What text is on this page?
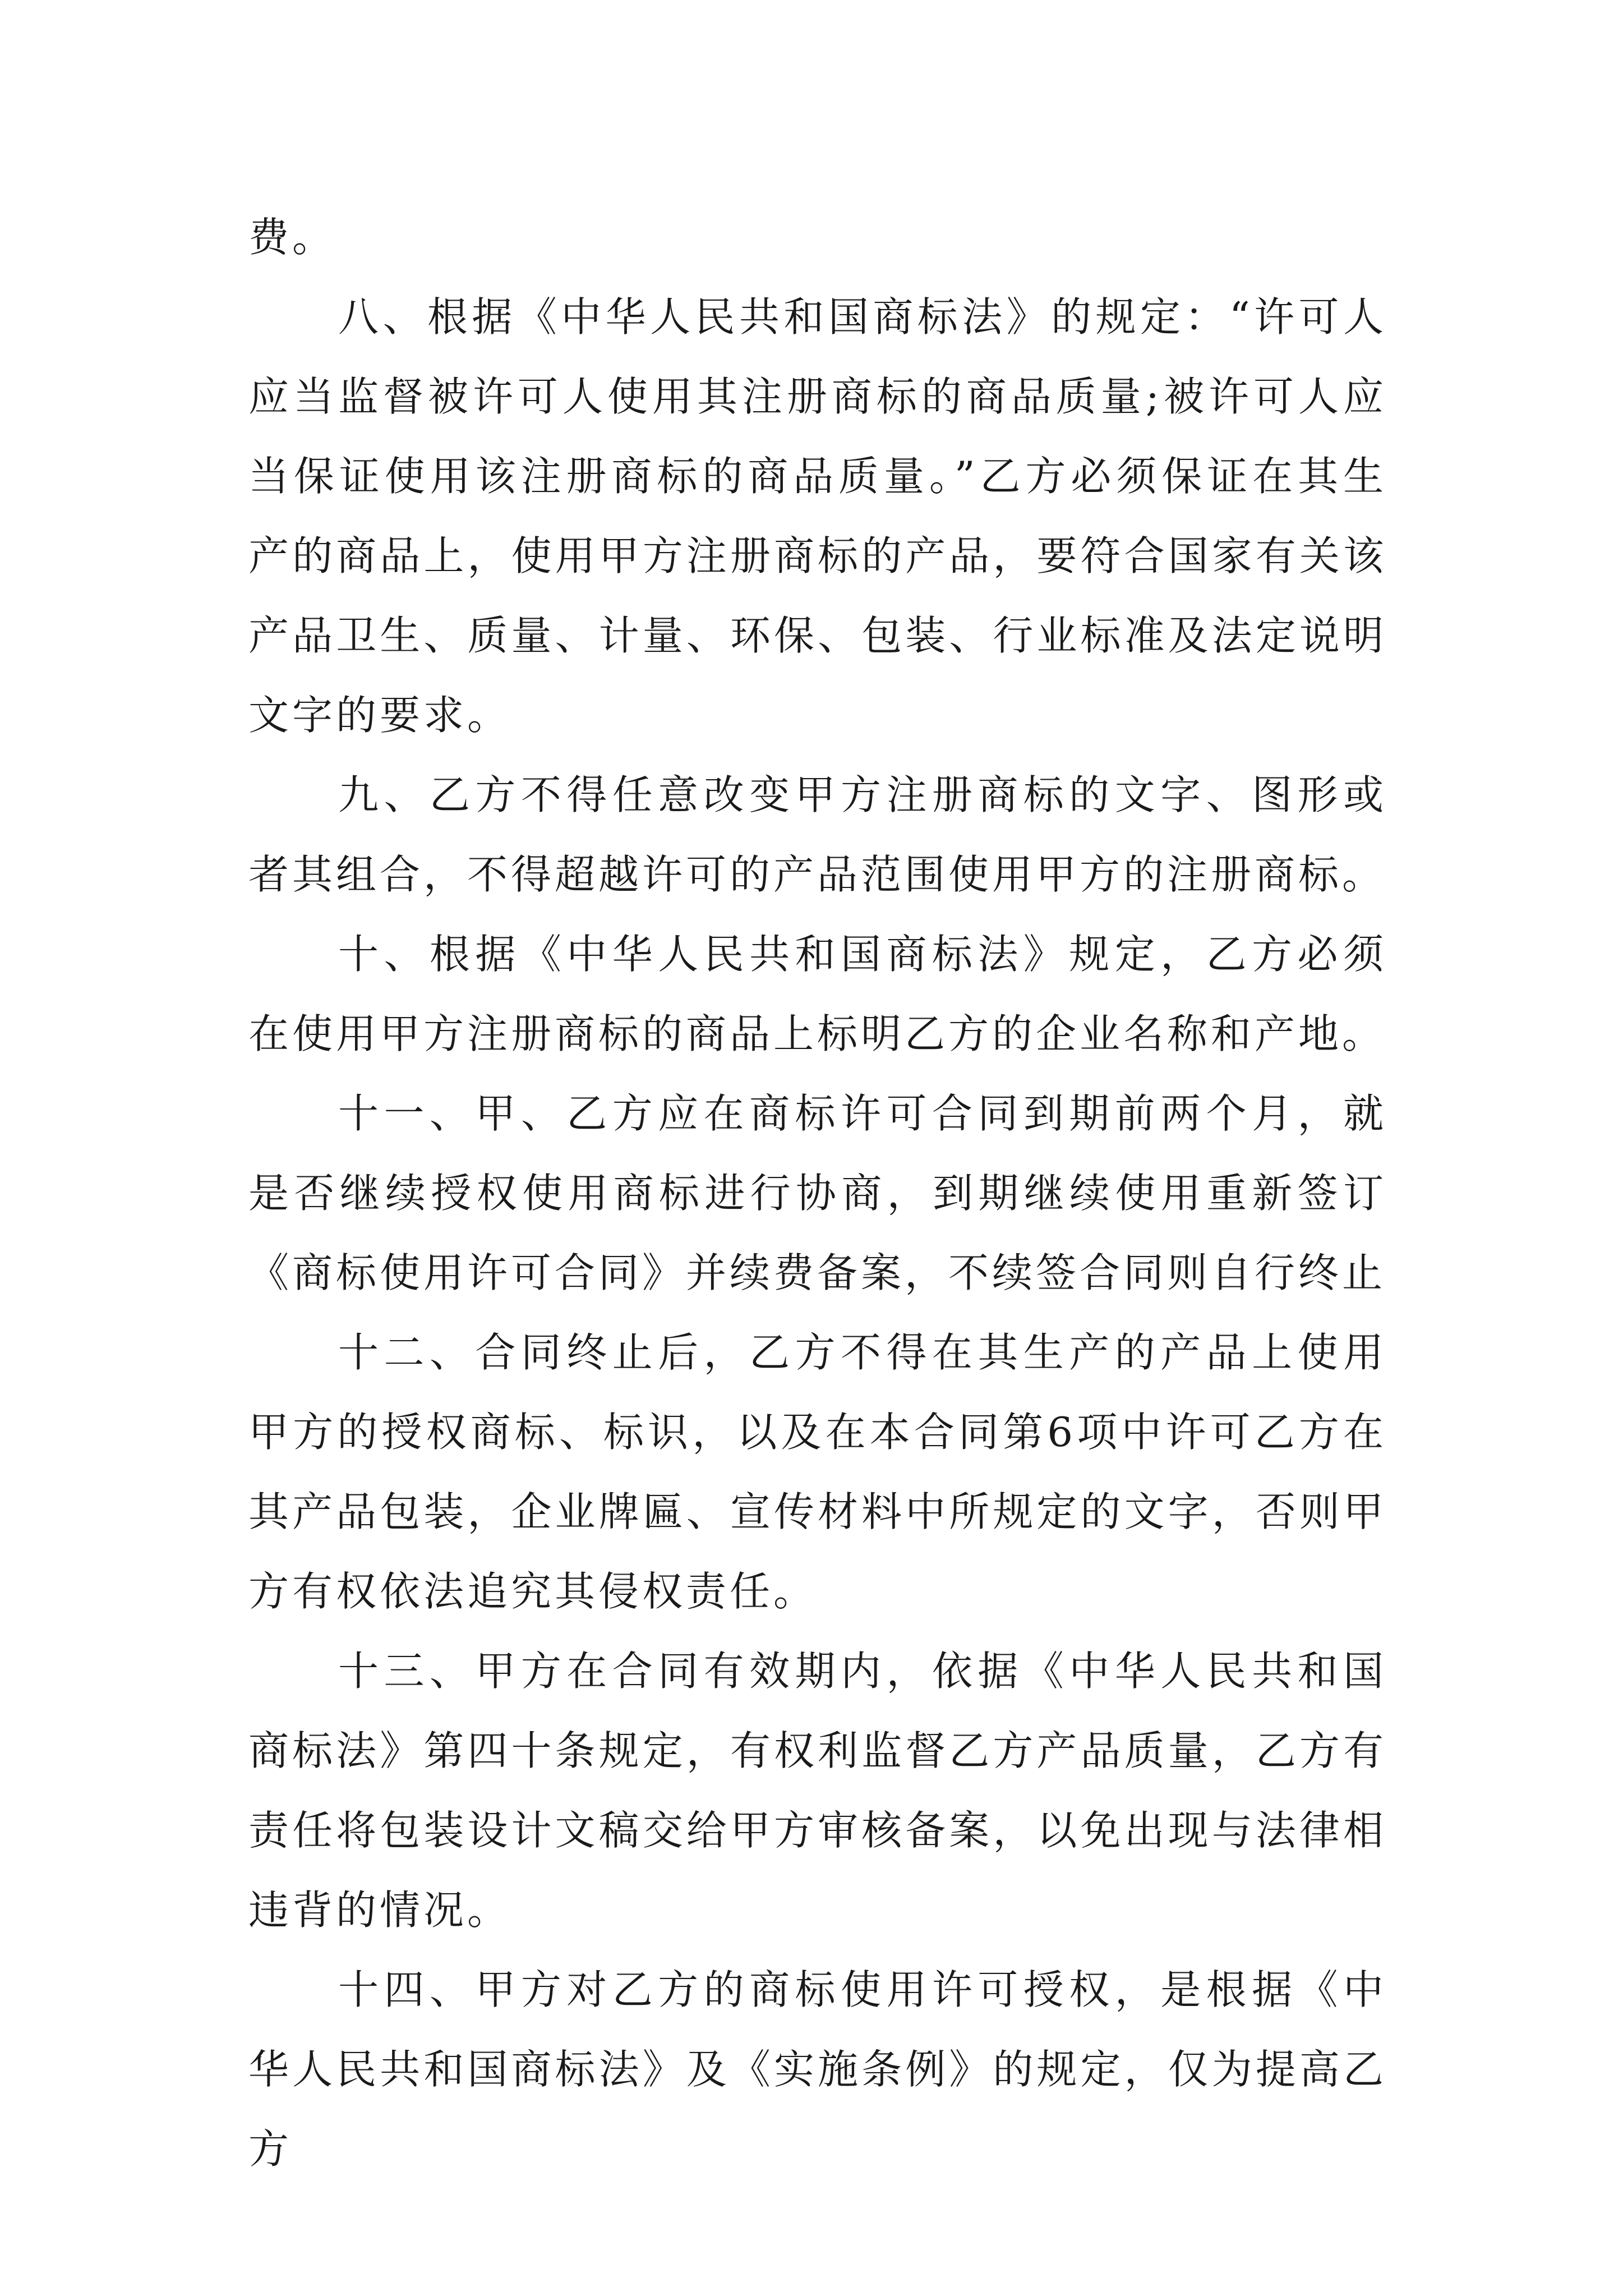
费。

八、根据《中华人民共和国商标法》的规定：“许可人应当监督被许可人使用其注册商标的商品质量;被许可人应当保证使用该注册商标的商品质量。”乙方必须保证在其生产的商品上，使用甲方注册商标的产品，要符合国家有关该产品卫生、质量、计量、环保、包装、行业标准及法定说明文字的要求。

九、乙方不得任意改变甲方注册商标的文字、图形或者其组合，不得超越许可的产品范围使用甲方的注册商标。

十、根据《中华人民共和国商标法》规定，乙方必须在使用甲方注册商标的商品上标明乙方的企业名称和产地。

十一、甲、乙方应在商标许可合同到期前两个月，就是否继续授权使用商标进行协商，到期继续使用重新签订《商标使用许可合同》并续费备案，不续签合同则自行终止

十二、合同终止后，乙方不得在其生产的产品上使用甲方的授权商标、标识，以及在本合同第6项中许可乙方在其产品包装，企业牌匾、宣传材料中所规定的文字，否则甲方有权依法追究其侵权责任。

十三、甲方在合同有效期内，依据《中华人民共和国商标法》第四十条规定，有权利监督乙方产品质量，乙方有责任将包装设计文稿交给甲方审核备案，以免出现与法律相违背的情况。

十四、甲方对乙方的商标使用许可授权，是根据《中华人民共和国商标法》及《实施条例》的规定，仅为提高乙方
